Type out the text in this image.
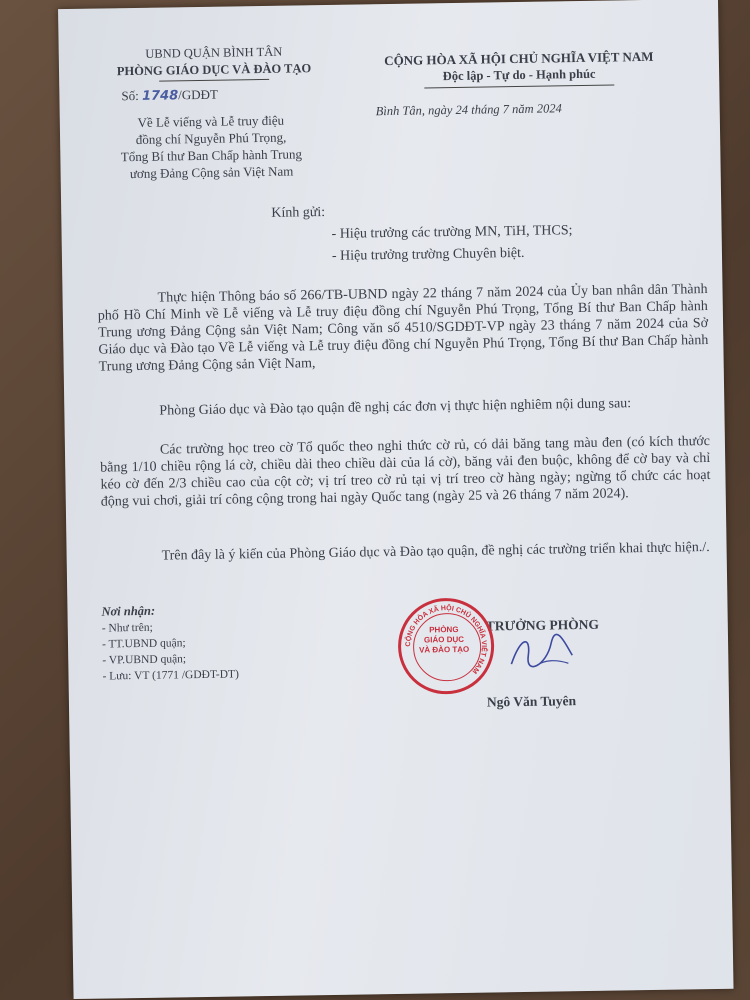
UBND QUẬN BÌNH TÂN
PHÒNG GIÁO DỤC VÀ ĐÀO TẠO
Số: 1748/GDĐT
Về Lễ viếng và Lễ truy điệu
đồng chí Nguyễn Phú Trọng,
Tổng Bí thư Ban Chấp hành Trung
ương Đảng Cộng sản Việt Nam
CỘNG HÒA XÃ HỘI CHỦ NGHĨA VIỆT NAM
Độc lập - Tự do - Hạnh phúc
Bình Tân, ngày 24 tháng 7 năm 2024
Kính gửi:
- Hiệu trưởng các trường MN, TiH, THCS;
- Hiệu trưởng trường Chuyên biệt.
Thực hiện Thông báo số 266/TB-UBND ngày 22 tháng 7 năm 2024 của Ủy ban nhân dân Thành phố Hồ Chí Minh về Lễ viếng và Lễ truy điệu đồng chí Nguyễn Phú Trọng, Tổng Bí thư Ban Chấp hành Trung ương Đảng Cộng sản Việt Nam; Công văn số 4510/SGDĐT-VP ngày 23 tháng 7 năm 2024 của Sở Giáo dục và Đào tạo Về Lễ viếng và Lễ truy điệu đồng chí Nguyễn Phú Trọng, Tổng Bí thư Ban Chấp hành Trung ương Đảng Cộng sản Việt Nam,
Phòng Giáo dục và Đào tạo quận đề nghị các đơn vị thực hiện nghiêm nội dung sau:
Các trường học treo cờ Tổ quốc theo nghi thức cờ rủ, có dải băng tang màu đen (có kích thước bằng 1/10 chiều rộng lá cờ, chiều dài theo chiều dài của lá cờ), băng vải đen buộc, không để cờ bay và chỉ kéo cờ đến 2/3 chiều cao của cột cờ; vị trí treo cờ rủ tại vị trí treo cờ hàng ngày; ngừng tổ chức các hoạt động vui chơi, giải trí công cộng trong hai ngày Quốc tang (ngày 25 và 26 tháng 7 năm 2024).
Trên đây là ý kiến của Phòng Giáo dục và Đào tạo quận, đề nghị các trường triển khai thực hiện./.
Nơi nhận:
- Như trên;
- TT.UBND quận;
- VP.UBND quận;
- Lưu: VT (1771 /GDĐT-DT)
TRƯỞNG PHÒNG
CỘNG HÒA XÃ HỘI CHỦ NGHĨA VIỆT NAM
PHÒNG
GIÁO DỤC
VÀ ĐÀO TẠO
Ngô Văn Tuyên
